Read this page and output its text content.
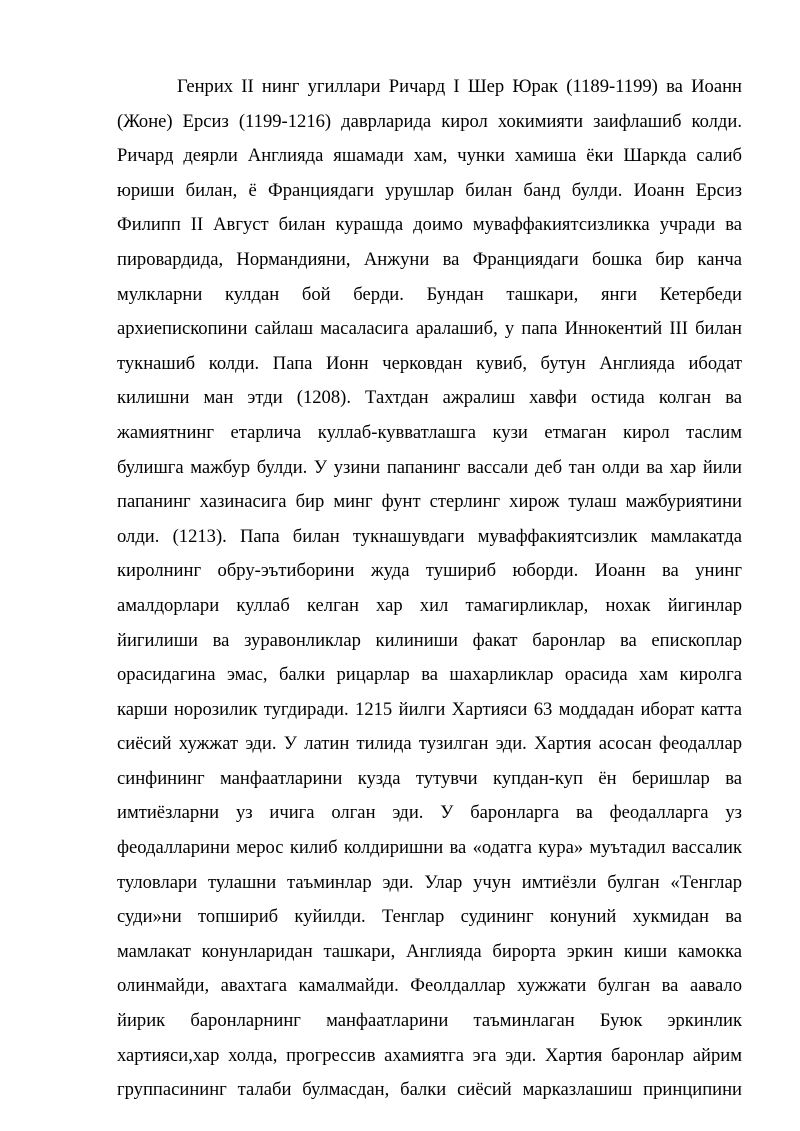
Генрих II нинг угиллари Ричард I Шер Юрак (1189-1199) ва Иоанн
(Жоне) Ерсиз (1199-1216) даврларида кирол хокимияти заифлашиб колди.
Ричард деярли Англияда яшамади хам, чунки хамиша ёки Шаркда салиб
юриши билан, ё Франциядаги урушлар билан банд булди. Иоанн Ерсиз
Филипп II Август билан курашда доимо муваффакиятсизликка учради ва
пировардида, Нормандияни, Анжуни ва Франциядаги бошка бир канча
мулкларни кулдан бой берди. Бундан ташкари, янги Кетербеди
архиепископини сайлаш масаласига аралашиб, у папа Иннокентий III билан
тукнашиб колди. Папа Ионн черковдан кувиб, бутун Англияда ибодат
килишни ман этди (1208). Тахтдан ажралиш хавфи остида колган ва
жамиятнинг етарлича куллаб-кувватлашга кузи етмаган кирол таслим
булишга мажбур булди. У узини папанинг вассали деб тан олди ва хар йили
папанинг хазинасига бир минг фунт стерлинг хирож тулаш мажбуриятини
олди. (1213). Папа билан тукнашувдаги муваффакиятсизлик мамлакатда
киролнинг обру-эътиборини жуда тушириб юборди. Иоанн ва унинг
амалдорлари куллаб келган хар хил тамагирликлар, нохак йигинлар
йигилиши ва зуравонликлар килиниши факат баронлар ва епископлар
орасидагина эмас, балки рицарлар ва шахарликлар орасида хам киролга
карши норозилик тугдиради. 1215 йилги Хартияси 63 моддадан иборат катта
сиёсий хужжат эди. У латин тилида тузилган эди. Хартия асосан феодаллар
синфининг манфаатларини кузда тутувчи купдан-куп ён беришлар ва
имтиёзларни уз ичига олган эди. У баронларга ва феодалларга уз
феодалларини мерос килиб колдиришни ва «одатга кура» муътадил вассалик
туловлари тулашни таъминлар эди. Улар учун имтиёзли булган «Тенглар
суди»ни топшириб куйилди. Тенглар судининг конуний хукмидан ва
мамлакат конунларидан ташкари, Англияда бирорта эркин киши камокка
олинмайди, авахтага камалмайди. Феолдаллар хужжати булган ва аавало
йирик баронларнинг манфаатларини таъминлаган Буюк эркинлик
хартияси,хар холда, прогрессив ахамиятга эга эди. Хартия баронлар айрим
группасининг талаби булмасдан, балки сиёсий марказлашиш принципини
